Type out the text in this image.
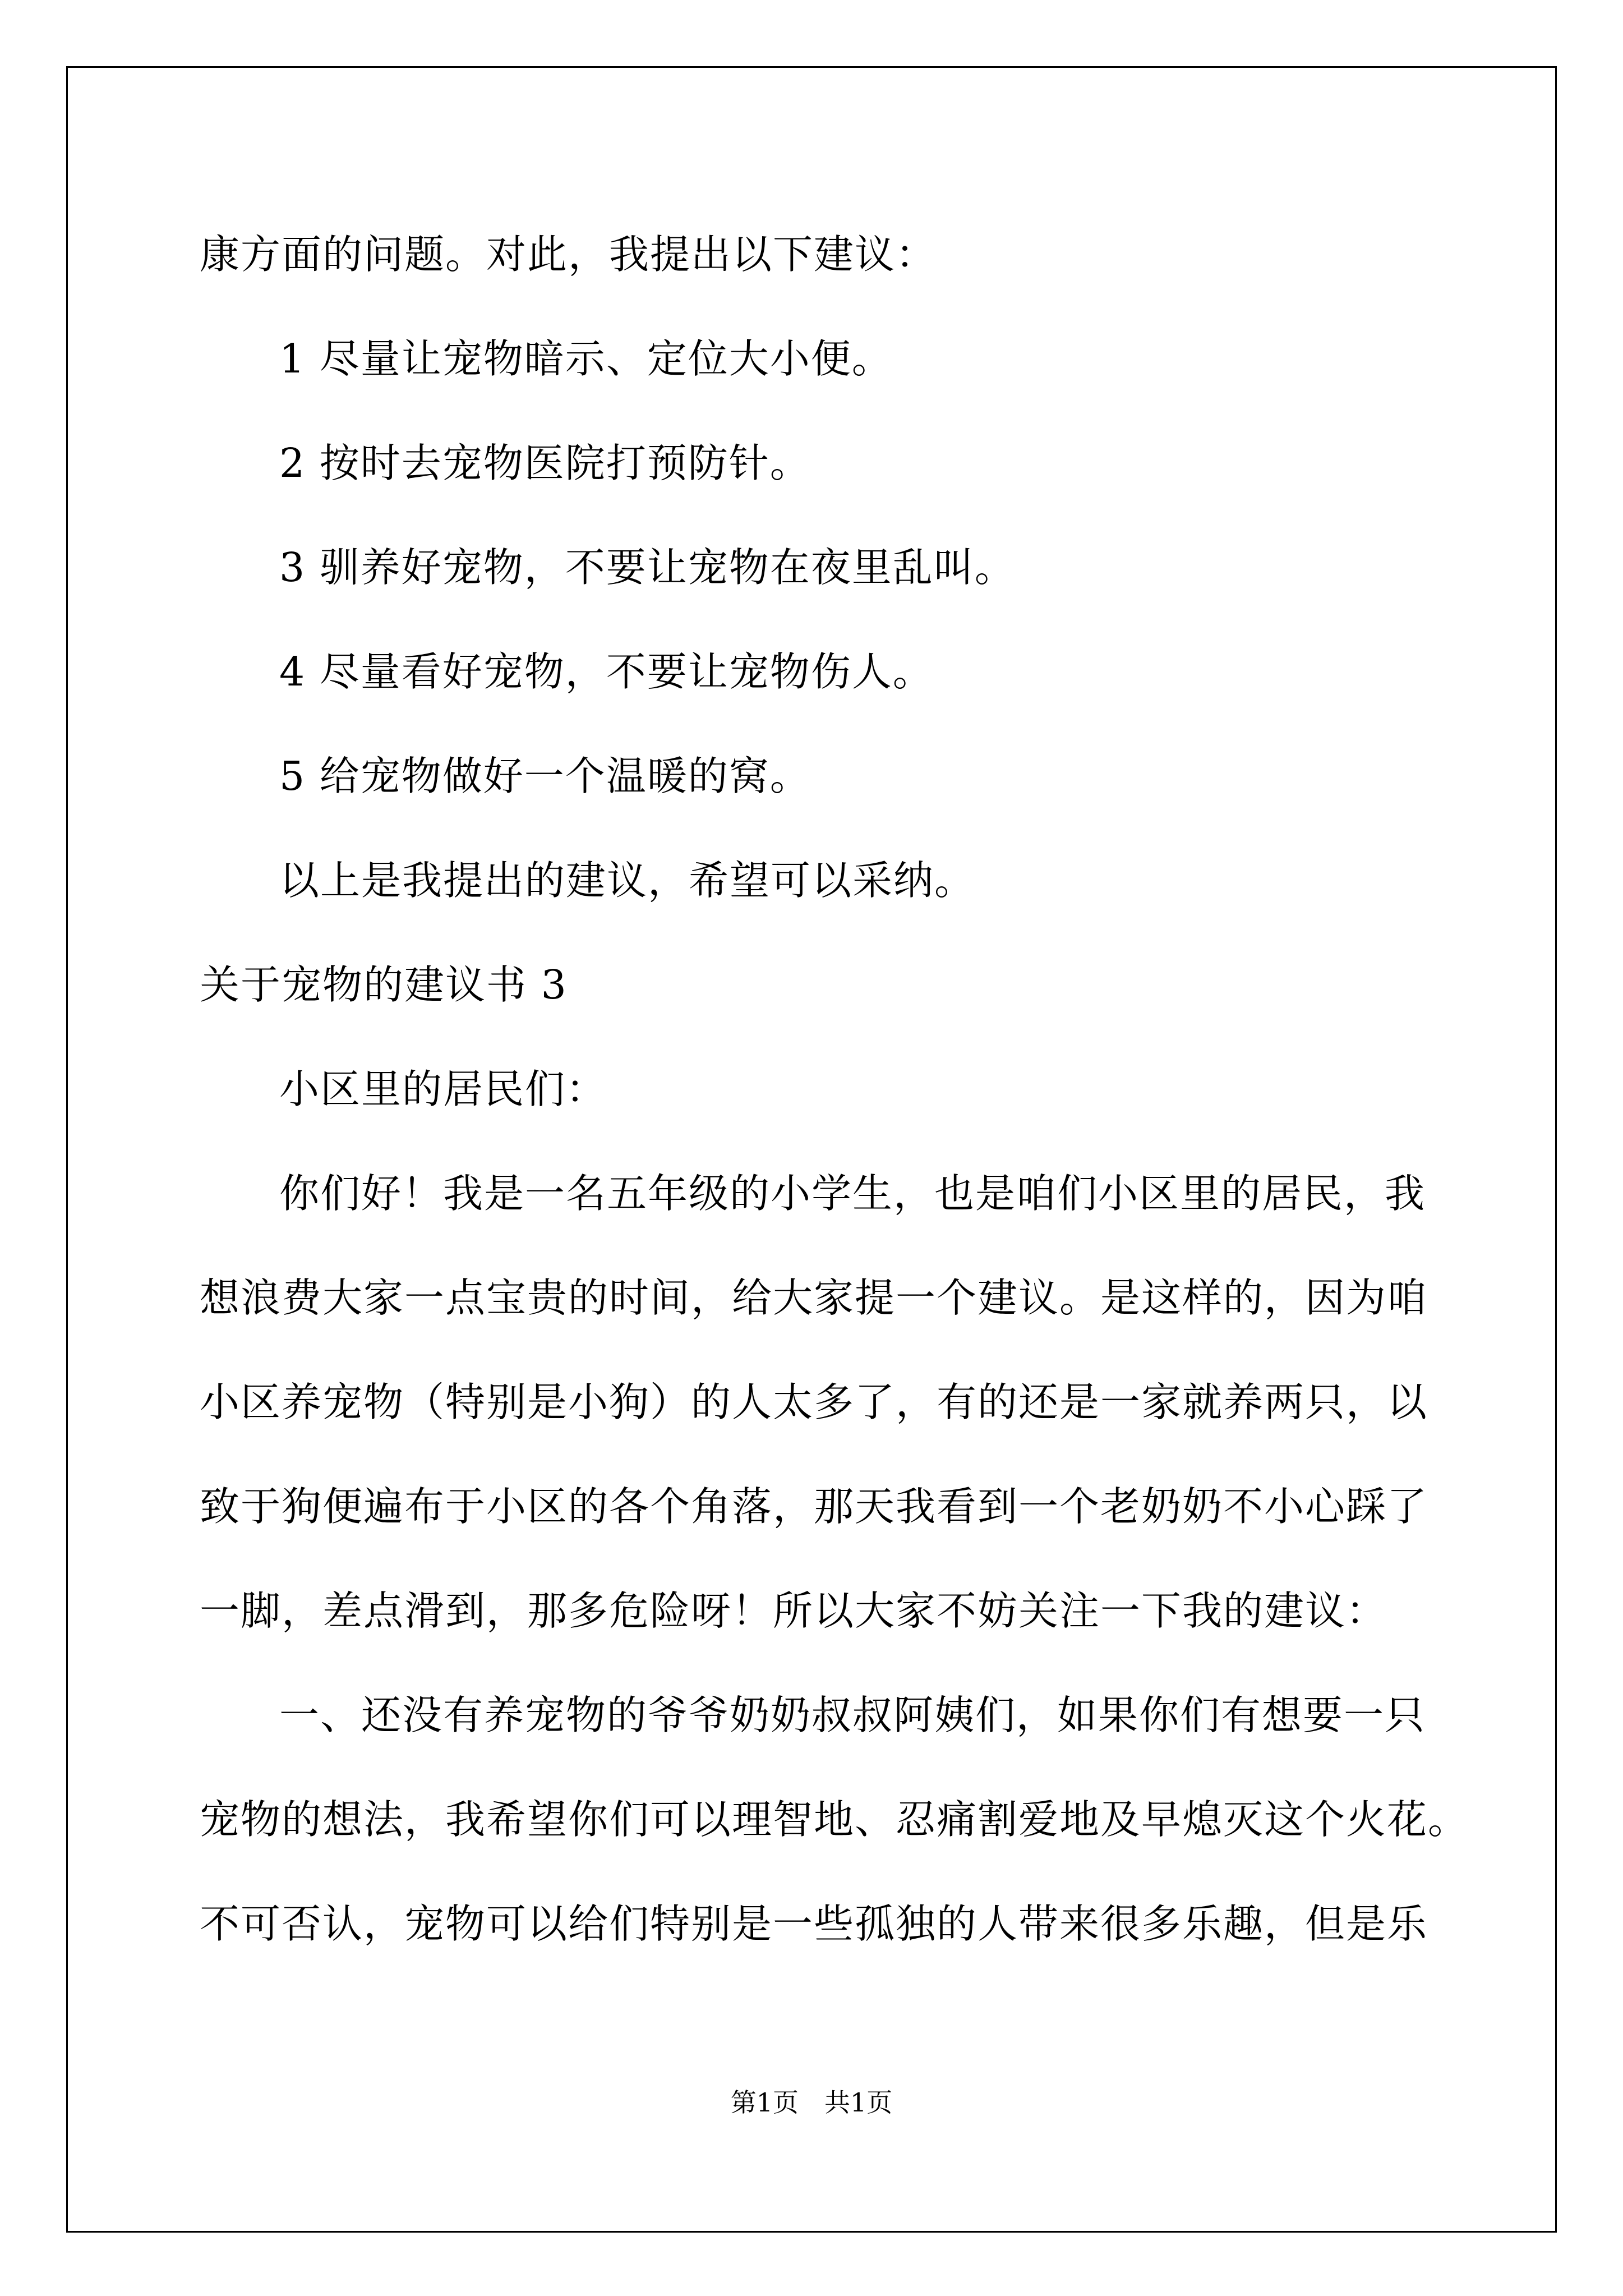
康方面的问题。对此，我提出以下建议：
1 尽量让宠物暗示、定位大小便。
2 按时去宠物医院打预防针。
3 驯养好宠物，不要让宠物在夜里乱叫。
4 尽量看好宠物，不要让宠物伤人。
5 给宠物做好一个温暖的窝。
以上是我提出的建议，希望可以采纳。
关于宠物的建议书 3
小区里的居民们：
你们好！我是一名五年级的小学生，也是咱们小区里的居民，我
想浪费大家一点宝贵的时间，给大家提一个建议。是这样的，因为咱
小区养宠物（特别是小狗）的人太多了，有的还是一家就养两只，以
致于狗便遍布于小区的各个角落，那天我看到一个老奶奶不小心踩了
一脚，差点滑到，那多危险呀！所以大家不妨关注一下我的建议：
一、还没有养宠物的爷爷奶奶叔叔阿姨们，如果你们有想要一只
宠物的想法，我希望你们可以理智地、忍痛割爱地及早熄灭这个火花。
不可否认，宠物可以给们特别是一些孤独的人带来很多乐趣，但是乐
第1页　共1页
